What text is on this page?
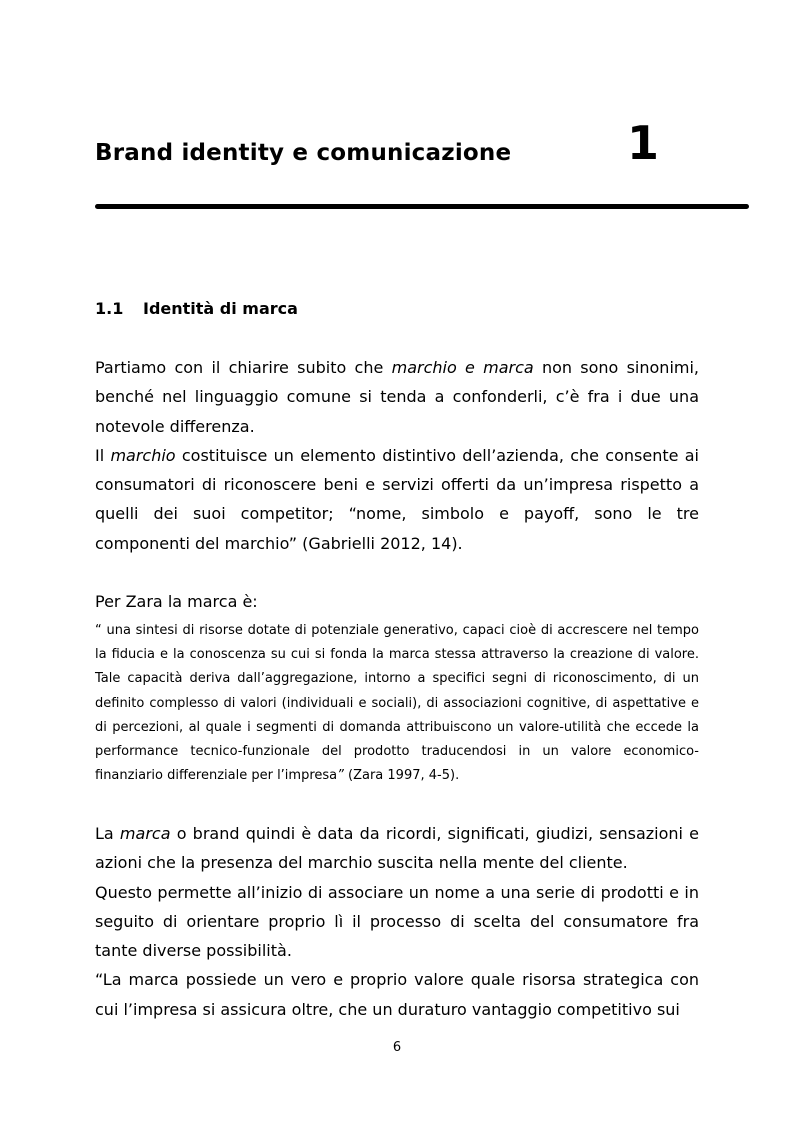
Brand identity e comunicazione	1
1.1 Identità di marca

Partiamo con il chiarire subito che marchio e marca non sono sinonimi, benché nel linguaggio comune si tenda a confonderli, c’è fra i due una notevole differenza.

Il marchio costituisce un elemento distintivo dell’azienda, che consente ai consumatori di riconoscere beni e servizi offerti da un’impresa rispetto a quelli dei suoi competitor; “nome, simbolo e payoff, sono le tre componenti del marchio” (Gabrielli 2012, 14).

Per Zara la marca è:
“ una sintesi di risorse dotate di potenziale generativo, capaci cioè di accrescere nel tempo la fiducia e la conoscenza su cui si fonda la marca stessa attraverso la creazione di valore. Tale capacità deriva dall’aggregazione, intorno a specifici segni di riconoscimento, di un definito complesso di valori (individuali e sociali), di associazioni cognitive, di aspettative e di percezioni, al quale i segmenti di domanda attribuiscono un valore-utilità che eccede la performance tecnico-funzionale del prodotto traducendosi in un valore economico-finanziario differenziale per l’impresa” (Zara 1997, 4-5).

La marca o brand quindi è data da ricordi, significati, giudizi, sensazioni e azioni che la presenza del marchio suscita nella mente del cliente.

Questo permette all’inizio di associare un nome a una serie di prodotti e in seguito di orientare proprio lì il processo di scelta del consumatore fra tante diverse possibilità.

“La marca possiede un vero e proprio valore quale risorsa strategica con cui l’impresa si assicura oltre, che un duraturo vantaggio competitivo sui

6
